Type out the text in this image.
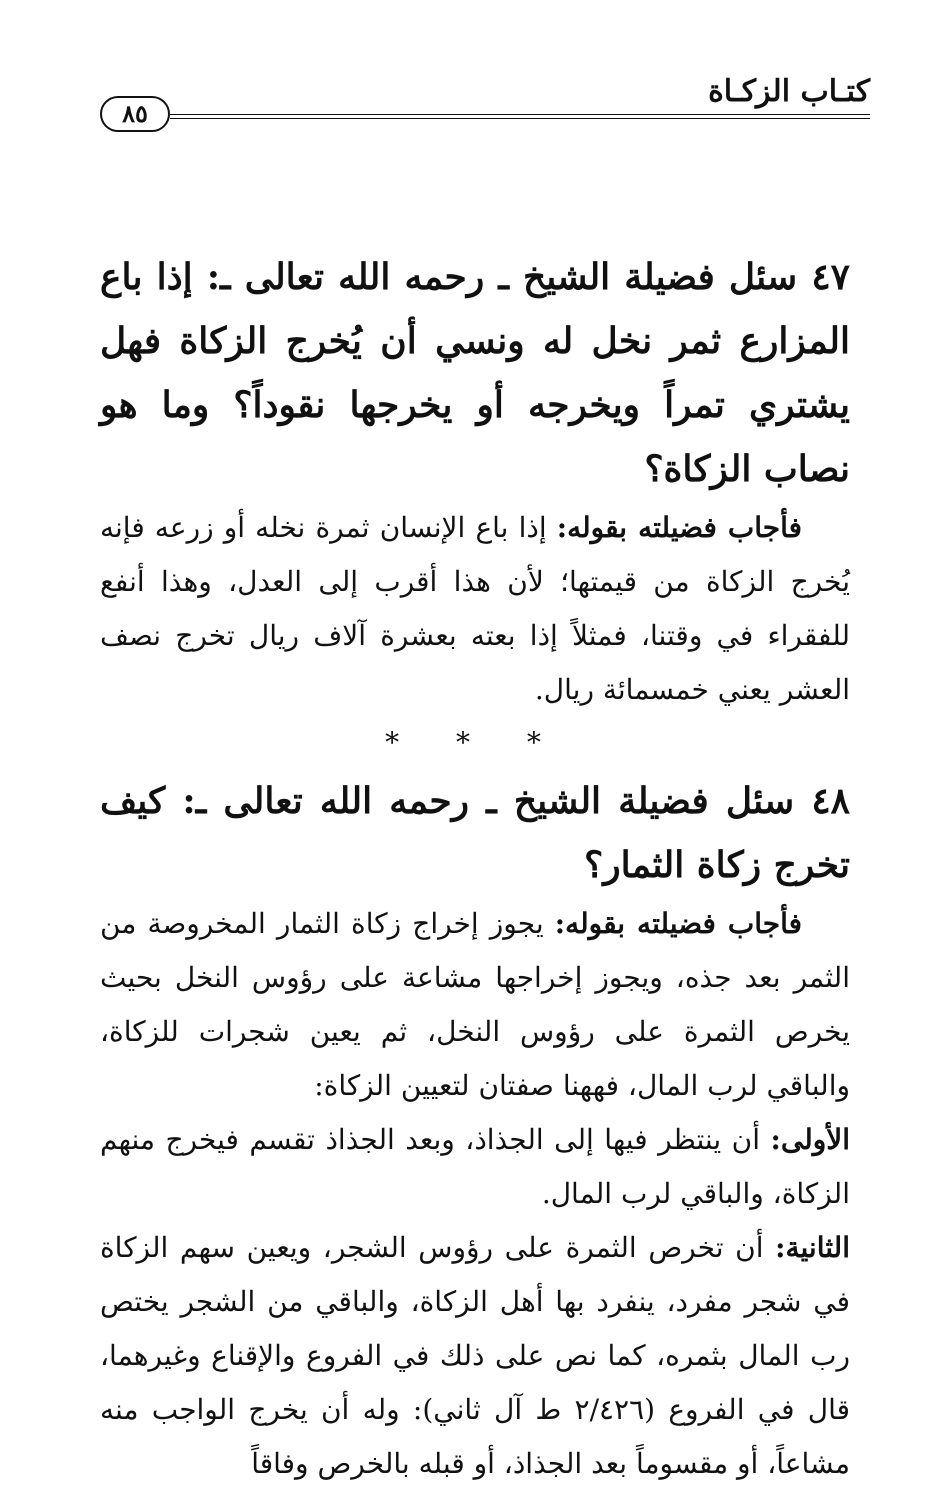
كتـاب الزكـاة
٨٥

٤٧ سئل فضيلة الشيخ ـ رحمه الله تعالى ـ: إذا باع المزارع ثمر نخل له ونسي أن يُخرج الزكاة فهل يشتري تمراً ويخرجه أو يخرجها نقوداً؟ وما هو نصاب الزكاة؟

فأجاب فضيلته بقوله: إذا باع الإنسان ثمرة نخله أو زرعه فإنه يُخرج الزكاة من قيمتها؛ لأن هذا أقرب إلى العدل، وهذا أنفع للفقراء في وقتنا، فمثلاً إذا بعته بعشرة آلاف ريال تخرج نصف العشر يعني خمسمائة ريال.

* * *

٤٨ سئل فضيلة الشيخ ـ رحمه الله تعالى ـ: كيف تخرج زكاة الثمار؟

فأجاب فضيلته بقوله: يجوز إخراج زكاة الثمار المخروصة من الثمر بعد جذه، ويجوز إخراجها مشاعة على رؤوس النخل بحيث يخرص الثمرة على رؤوس النخل، ثم يعين شجرات للزكاة، والباقي لرب المال، فههنا صفتان لتعيين الزكاة:

الأولى: أن ينتظر فيها إلى الجذاذ، وبعد الجذاذ تقسم فيخرج منهم الزكاة، والباقي لرب المال.

الثانية: أن تخرص الثمرة على رؤوس الشجر، ويعين سهم الزكاة في شجر مفرد، ينفرد بها أهل الزكاة، والباقي من الشجر يختص رب المال بثمره، كما نص على ذلك في الفروع والإقناع وغيرهما، قال في الفروع (٢/٤٢٦ ط آل ثاني): وله أن يخرج الواجب منه مشاعاً، أو مقسوماً بعد الجذاذ، أو قبله بالخرص وفاقاً
